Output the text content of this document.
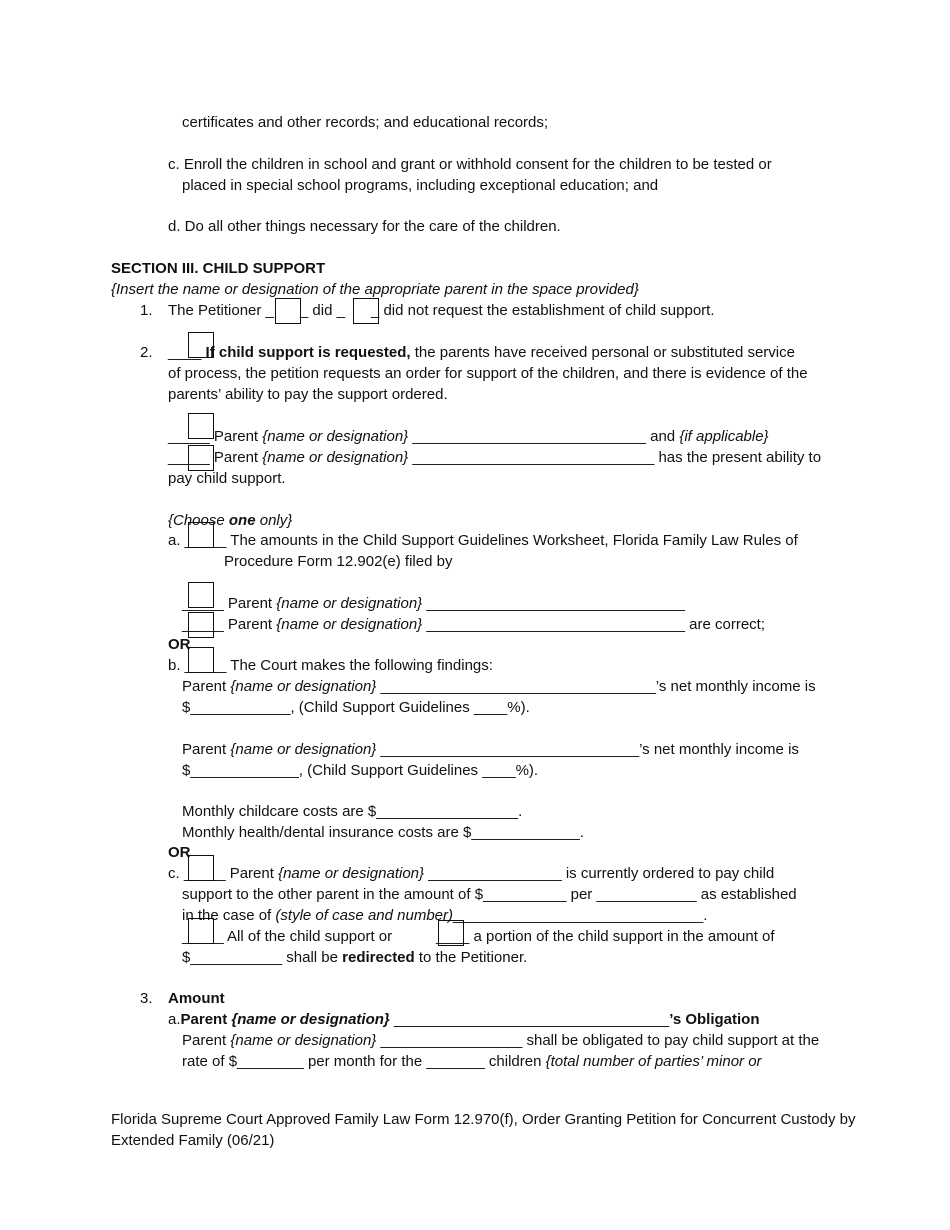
certificates and other records; and educational records;
c. Enroll the children in school and grant or withhold consent for the children to be tested or
placed in special school programs, including exceptional education; and
d. Do all other things necessary for the care of the children.
SECTION III. CHILD SUPPORT
{Insert the name or designation of the appropriate parent in the space provided}
1. The Petitioner _ _ did _ _ did not request the establishment of child support.
2. ____ If child support is requested, the parents have received personal or substituted service
of process, the petition requests an order for support of the children, and there is evidence of the
parents’ ability to pay the support ordered.
_____ Parent {name or designation} ____________________________ and {if applicable}
_____ Parent {name or designation} _____________________________ has the present ability to
pay child support.
{Choose one only}
a. _____ The amounts in the Child Support Guidelines Worksheet, Florida Family Law Rules of
Procedure Form 12.902(e) filed by
_____ Parent {name or designation} _______________________________
_____ Parent {name or designation} _______________________________ are correct;
OR
b. _____ The Court makes the following findings:
Parent {name or designation} _________________________________’s net monthly income is
$____________, (Child Support Guidelines ____%).
Parent {name or designation} _______________________________’s net monthly income is
$_____________, (Child Support Guidelines ____%).
Monthly childcare costs are $_________________.
Monthly health/dental insurance costs are $_____________.
OR
c. _____ Parent {name or designation} ________________ is currently ordered to pay child
support to the other parent in the amount of $__________ per ____________ as established
in the case of (style of case and number)______________________________.
_____ All of the child support or	____ a portion of the child support in the amount of
$___________ shall be redirected to the Petitioner.
3. Amount
a.Parent {name or designation} _________________________________’s Obligation
Parent {name or designation} _________________ shall be obligated to pay child support at the
rate of $________ per month for the _______ children {total number of parties’ minor or
Florida Supreme Court Approved Family Law Form 12.970(f), Order Granting Petition for Concurrent Custody by
Extended Family (06/21)
